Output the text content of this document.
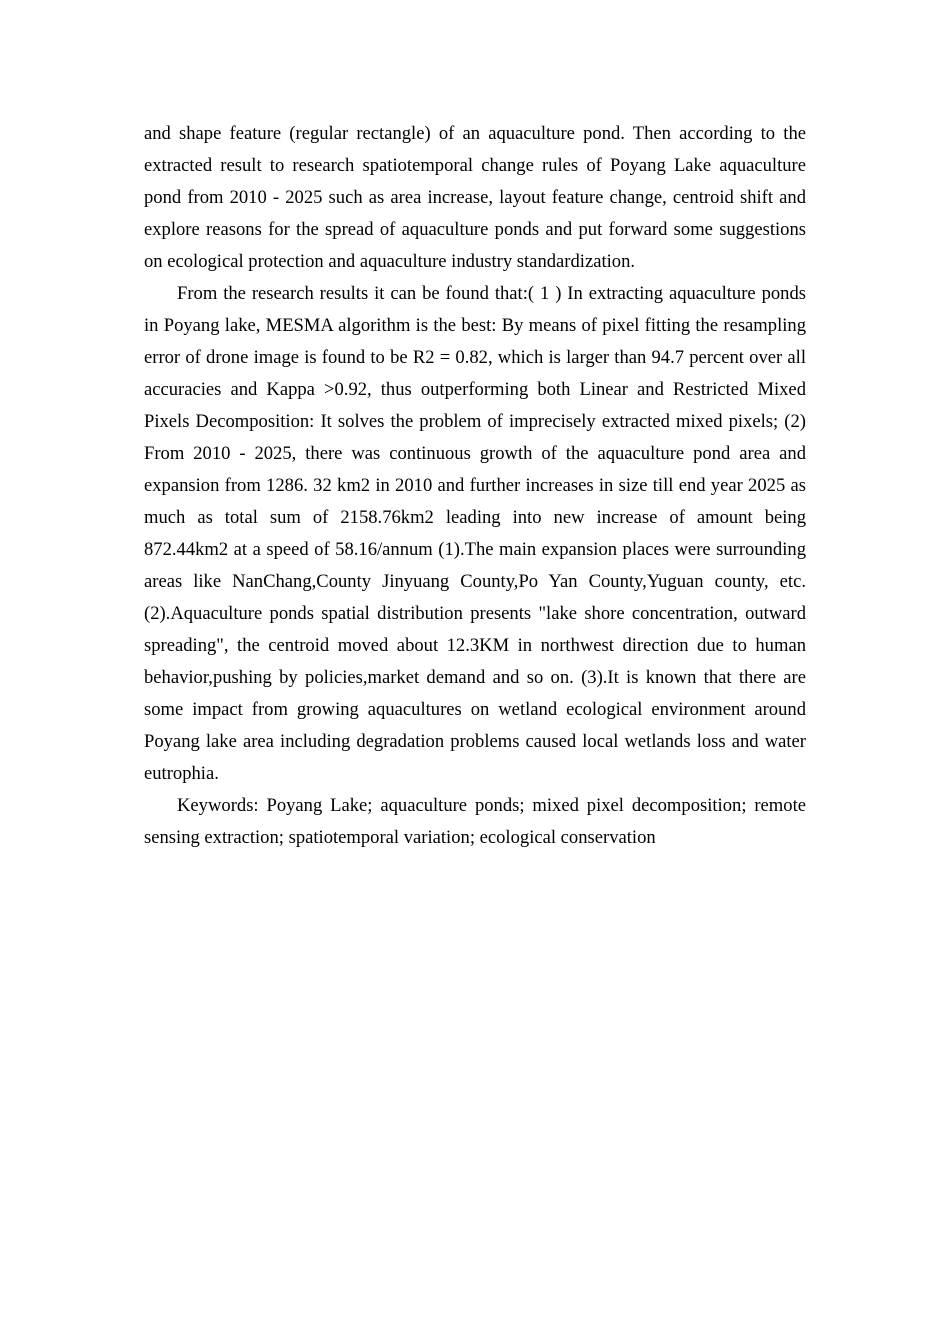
and shape feature (regular rectangle) of an aquaculture pond. Then according to the extracted result to research spatiotemporal change rules of Poyang Lake aquaculture pond from 2010 - 2025 such as area increase, layout feature change, centroid shift and explore reasons for the spread of aquaculture ponds and put forward some suggestions on ecological protection and aquaculture industry standardization.

From the research results it can be found that:( 1 ) In extracting aquaculture ponds in Poyang lake, MESMA algorithm is the best: By means of pixel fitting the resampling error of drone image is found to be R2 = 0.82, which is larger than 94.7 percent over all accuracies and Kappa >0.92, thus outperforming both Linear and Restricted Mixed Pixels Decomposition: It solves the problem of imprecisely extracted mixed pixels; (2) From 2010 - 2025, there was continuous growth of the aquaculture pond area and expansion from 1286. 32 km2 in 2010 and further increases in size till end year 2025 as much as total sum of 2158.76km2 leading into new increase of amount being 872.44km2 at a speed of 58.16/annum (1).The main expansion places were surrounding areas like NanChang,County Jinyuang County,Po Yan County,Yuguan county, etc.(2).Aquaculture ponds spatial distribution presents "lake shore concentration, outward spreading", the centroid moved about 12.3KM in northwest direction due to human behavior,pushing by policies,market demand and so on. (3).It is known that there are some impact from growing aquacultures on wetland ecological environment around Poyang lake area including degradation problems caused local wetlands loss and water eutrophia.

Keywords: Poyang Lake; aquaculture ponds; mixed pixel decomposition; remote sensing extraction; spatiotemporal variation; ecological conservation
